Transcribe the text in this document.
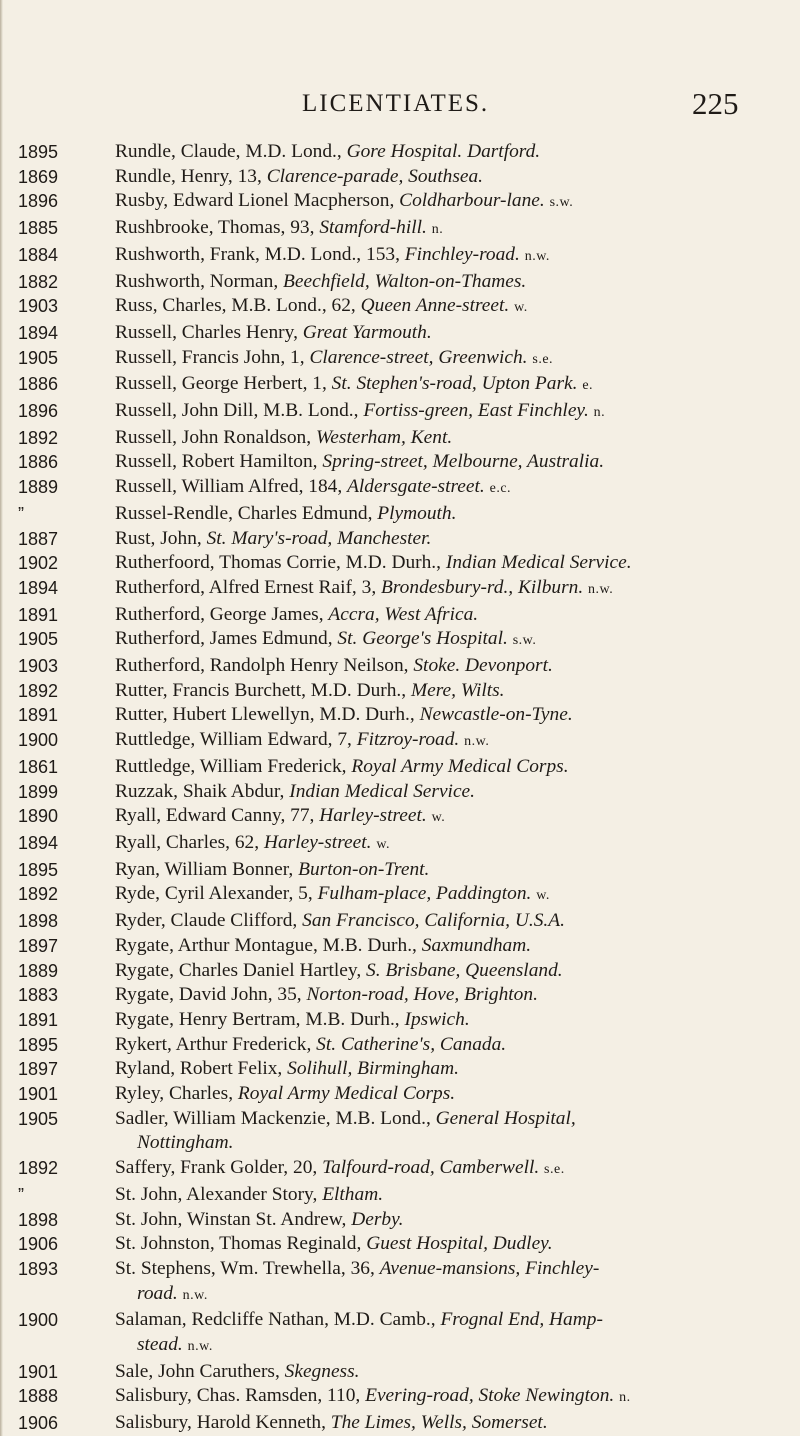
LICENTIATES.	225
1895	Rundle, Claude, M.D. Lond., Gore Hospital. Dartford.
1869	Rundle, Henry, 13, Clarence-parade, Southsea.
1896	Rusby, Edward Lionel Macpherson, Coldharbour-lane. s.w.
1885	Rushbrooke, Thomas, 93, Stamford-hill. n.
1884	Rushworth, Frank, M.D. Lond., 153, Finchley-road. n.w.
1882	Rushworth, Norman, Beechfield, Walton-on-Thames.
1903	Russ, Charles, M.B. Lond., 62, Queen Anne-street. w.
1894	Russell, Charles Henry, Great Yarmouth.
1905	Russell, Francis John, 1, Clarence-street, Greenwich. s.e.
1886	Russell, George Herbert, 1, St. Stephen's-road, Upton Park. e.
1896	Russell, John Dill, M.B. Lond., Fortiss-green, East Finchley. n.
1892	Russell, John Ronaldson, Westerham, Kent.
1886	Russell, Robert Hamilton, Spring-street, Melbourne, Australia.
1889	Russell, William Alfred, 184, Aldersgate-street. e.c.
”	Russel-Rendle, Charles Edmund, Plymouth.
1887	Rust, John, St. Mary's-road, Manchester.
1902	Rutherfoord, Thomas Corrie, M.D. Durh., Indian Medical Service.
1894	Rutherford, Alfred Ernest Raif, 3, Brondesbury-rd., Kilburn. n.w.
1891	Rutherford, George James, Accra, West Africa.
1905	Rutherford, James Edmund, St. George's Hospital. s.w.
1903	Rutherford, Randolph Henry Neilson, Stoke. Devonport.
1892	Rutter, Francis Burchett, M.D. Durh., Mere, Wilts.
1891	Rutter, Hubert Llewellyn, M.D. Durh., Newcastle-on-Tyne.
1900	Ruttledge, William Edward, 7, Fitzroy-road. n.w.
1861	Ruttledge, William Frederick, Royal Army Medical Corps.
1899	Ruzzak, Shaik Abdur, Indian Medical Service.
1890	Ryall, Edward Canny, 77, Harley-street. w.
1894	Ryall, Charles, 62, Harley-street. w.
1895	Ryan, William Bonner, Burton-on-Trent.
1892	Ryde, Cyril Alexander, 5, Fulham-place, Paddington. w.
1898	Ryder, Claude Clifford, San Francisco, California, U.S.A.
1897	Rygate, Arthur Montague, M.B. Durh., Saxmundham.
1889	Rygate, Charles Daniel Hartley, S. Brisbane, Queensland.
1883	Rygate, David John, 35, Norton-road, Hove, Brighton.
1891	Rygate, Henry Bertram, M.B. Durh., Ipswich.
1895	Rykert, Arthur Frederick, St. Catherine's, Canada.
1897	Ryland, Robert Felix, Solihull, Birmingham.
1901	Ryley, Charles, Royal Army Medical Corps.
1905	Sadler, William Mackenzie, M.B. Lond., General Hospital,
Nottingham.
1892	Saffery, Frank Golder, 20, Talfourd-road, Camberwell. s.e.
”	St. John, Alexander Story, Eltham.
1898	St. John, Winstan St. Andrew, Derby.
1906	St. Johnston, Thomas Reginald, Guest Hospital, Dudley.
1893	St. Stephens, Wm. Trewhella, 36, Avenue-mansions, Finchley-
road. n.w.
1900	Salaman, Redcliffe Nathan, M.D. Camb., Frognal End, Hamp-
stead. n.w.
1901	Sale, John Caruthers, Skegness.
1888	Salisbury, Chas. Ramsden, 110, Evering-road, Stoke Newington. n.
1906	Salisbury, Harold Kenneth, The Limes, Wells, Somerset.
